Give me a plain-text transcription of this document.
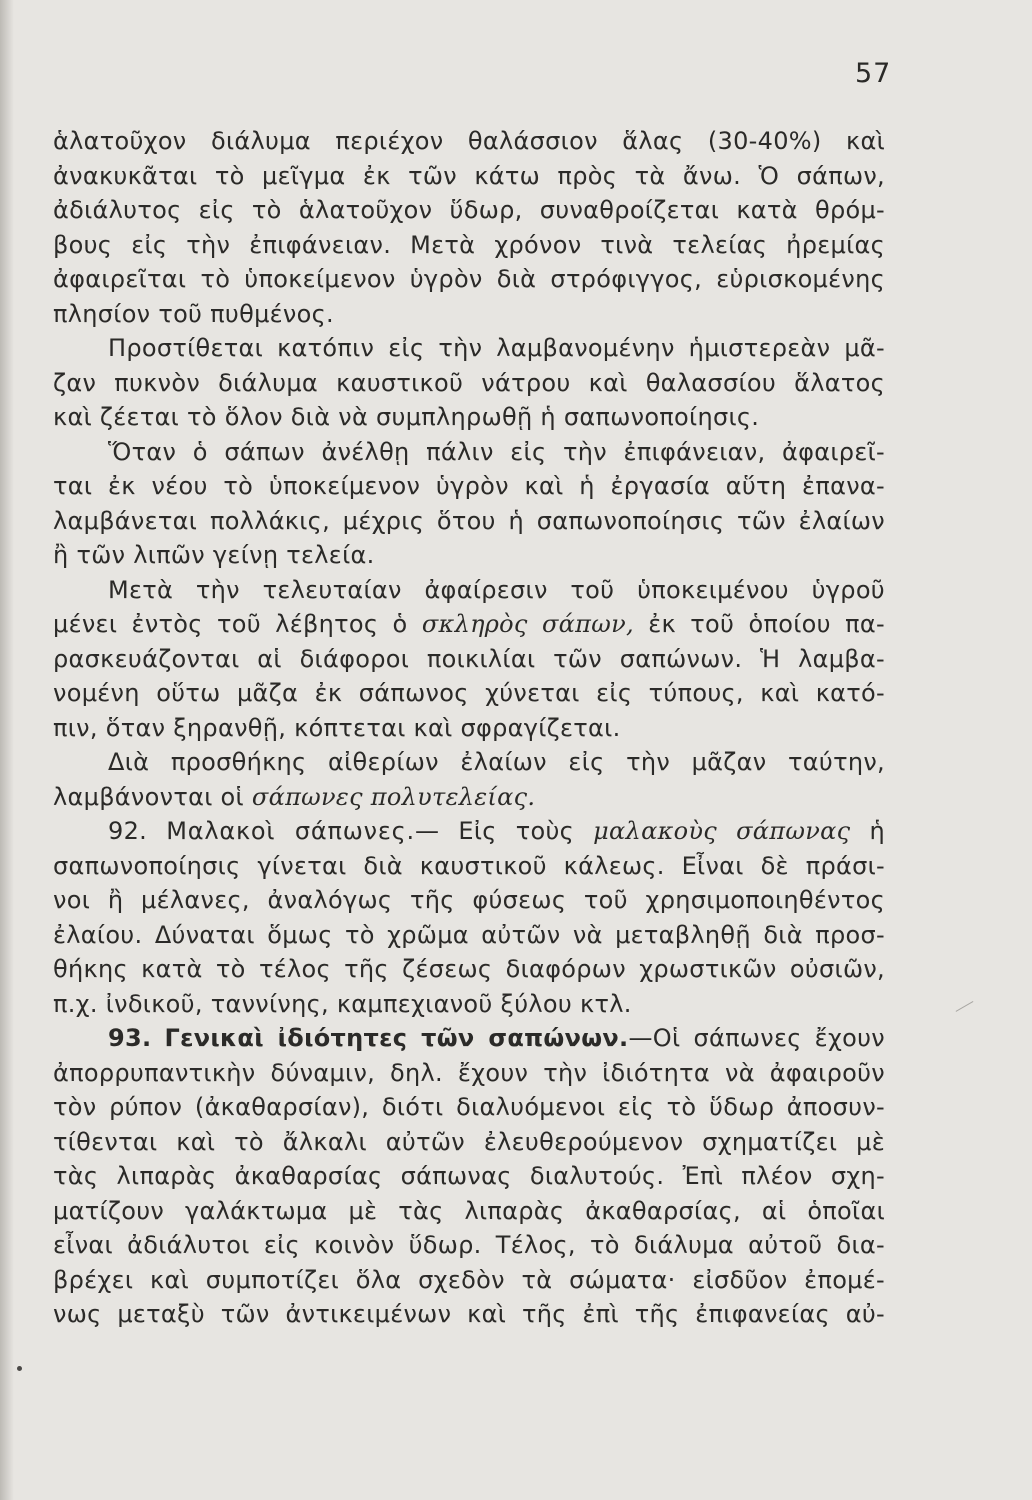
57
ἁλατοῦχον διάλυμα περιέχον θαλάσσιον ἅλας (30-40%) καὶ
ἀνακυκᾶται τὸ μεῖγμα ἐκ τῶν κάτω πρὸς τὰ ἄνω. Ὁ σάπων,
ἀδιάλυτος εἰς τὸ ἁλατοῦχον ὕδωρ, συναθροίζεται κατὰ θρόμ-
βους εἰς τὴν ἐπιφάνειαν. Μετὰ χρόνον τινὰ τελείας ἠρεμίας
ἀφαιρεῖται τὸ ὑποκείμενον ὑγρὸν διὰ στρόφιγγος, εὑρισκομένης
πλησίον τοῦ πυθμένος.
Προστίθεται κατόπιν εἰς τὴν λαμβανομένην ἡμιστερεὰν μᾶ-
ζαν πυκνὸν διάλυμα καυστικοῦ νάτρου καὶ θαλασσίου ἅλατος
καὶ ζέεται τὸ ὅλον διὰ νὰ συμπληρωθῇ ἡ σαπωνοποίησις.
Ὅταν ὁ σάπων ἀνέλθῃ πάλιν εἰς τὴν ἐπιφάνειαν, ἀφαιρεῖ-
ται ἐκ νέου τὸ ὑποκείμενον ὑγρὸν καὶ ἡ ἐργασία αὕτη ἐπανα-
λαμβάνεται πολλάκις, μέχρις ὅτου ἡ σαπωνοποίησις τῶν ἐλαίων
ἢ τῶν λιπῶν γείνῃ τελεία.
Μετὰ τὴν τελευταίαν ἀφαίρεσιν τοῦ ὑποκειμένου ὑγροῦ
μένει ἐντὸς τοῦ λέβητος ὁ σκληρὸς σάπων, ἐκ τοῦ ὁποίου πα-
ρασκευάζονται αἱ διάφοροι ποικιλίαι τῶν σαπώνων. Ἡ λαμβα-
νομένη οὕτω μᾶζα ἐκ σάπωνος χύνεται εἰς τύπους, καὶ κατό-
πιν, ὅταν ξηρανθῇ, κόπτεται καὶ σφραγίζεται.
Διὰ προσθήκης αἰθερίων ἐλαίων εἰς τὴν μᾶζαν ταύτην,
λαμβάνονται οἱ σάπωνες πολυτελείας.
92. Μαλακοὶ σάπωνες.— Εἰς τοὺς μαλακοὺς σάπωνας ἡ
σαπωνοποίησις γίνεται διὰ καυστικοῦ κάλεως. Εἶναι δὲ πράσι-
νοι ἢ μέλανες, ἀναλόγως τῆς φύσεως τοῦ χρησιμοποιηθέντος
ἐλαίου. Δύναται ὅμως τὸ χρῶμα αὐτῶν νὰ μεταβληθῇ διὰ προσ-
θήκης κατὰ τὸ τέλος τῆς ζέσεως διαφόρων χρωστικῶν οὐσιῶν,
π.χ. ἰνδικοῦ, ταννίνης, καμπεχιανοῦ ξύλου κτλ.
93. Γενικαὶ ἰδιότητες τῶν σαπώνων.—Οἱ σάπωνες ἔχουν
ἀπορρυπαντικὴν δύναμιν, δηλ. ἔχουν τὴν ἰδιότητα νὰ ἀφαιροῦν
τὸν ρύπον (ἀκαθαρσίαν), διότι διαλυόμενοι εἰς τὸ ὕδωρ ἀποσυν-
τίθενται καὶ τὸ ἄλκαλι αὐτῶν ἐλευθερούμενον σχηματίζει μὲ
τὰς λιπαρὰς ἀκαθαρσίας σάπωνας διαλυτούς. Ἐπὶ πλέον σχη-
ματίζουν γαλάκτωμα μὲ τὰς λιπαρὰς ἀκαθαρσίας, αἱ ὁποῖαι
εἶναι ἀδιάλυτοι εἰς κοινὸν ὕδωρ. Τέλος, τὸ διάλυμα αὐτοῦ δια-
βρέχει καὶ συμποτίζει ὅλα σχεδὸν τὰ σώματα· εἰσδῦον ἐπομέ-
νως μεταξὺ τῶν ἀντικειμένων καὶ τῆς ἐπὶ τῆς ἐπιφανείας αὐ-
